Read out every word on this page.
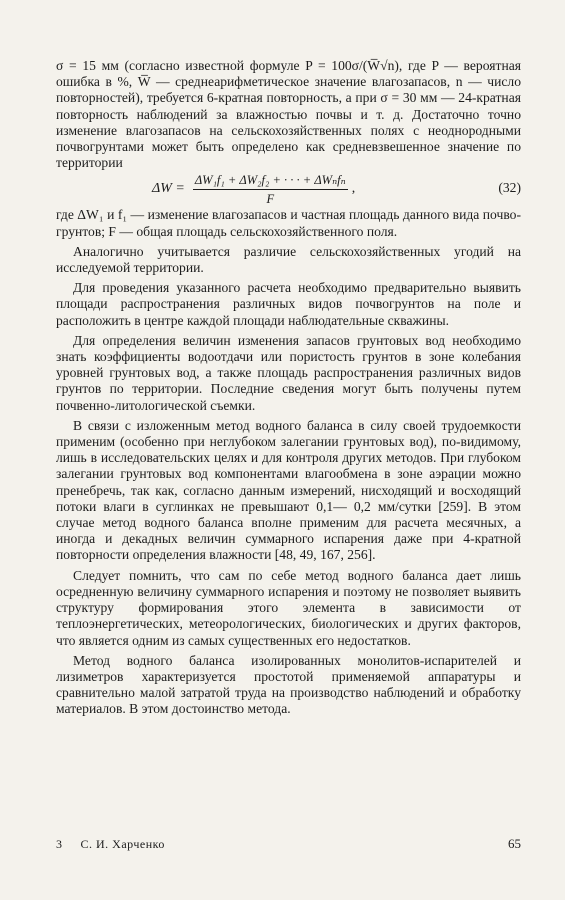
σ = 15 мм (согласно известной формуле P = 100σ/(W̅√n), где P — вероятная ошибка в %, W̅ — среднеарифметическое значение влагозапасов, n — число повторностей), требуется 6-кратная повторность, а при σ = 30 мм — 24-кратная повторность наблюдений за влажностью почвы и т. д. Достаточно точно изменение влагозапасов на сельскохозяйственных полях с неоднородными почвогрунтами может быть определено как средневзвешенное значение по территории

$\Delta W = \frac{\text{ΔW₁f₁ + ΔW₂f₂ + · · · + ΔWₙfₙ}}{F}$ ,	(32)

где ΔW₁ и f₁ — изменение влагозапасов и частная площадь данного вида почво-грунтов; F — общая площадь сельскохозяйственного поля.

Аналогично учитывается различие сельскохозяйственных угодий на исследуемой территории.

Для проведения указанного расчета необходимо предварительно выявить площади распространения различных видов почвогрунтов на поле и расположить в центре каждой площади наблюдательные скважины.

Для определения величин изменения запасов грунтовых вод необходимо знать коэффициенты водоотдачи или пористость грунтов в зоне колебания уровней грунтовых вод, а также площадь распространения различных видов грунтов по территории. Последние сведения могут быть получены путем почвенно-литологической съемки.

В связи с изложенным метод водного баланса в силу своей трудоемкости применим (особенно при неглубоком залегании грунтовых вод), по-видимому, лишь в исследовательских целях и для контроля других методов. При глубоком залегании грунтовых вод компонентами влагообмена в зоне аэрации можно пренебречь, так как, согласно данным измерений, нисходящий и восходящий потоки влаги в суглинках не превышают 0,1— 0,2 мм/сутки [259]. В этом случае метод водного баланса вполне применим для расчета месячных, а иногда и декадных величин суммарного испарения даже при 4-кратной повторности определения влажности [48, 49, 167, 256].

Следует помнить, что сам по себе метод водного баланса дает лишь осредненную величину суммарного испарения и поэтому не позволяет выявить структуру формирования этого элемента в зависимости от теплоэнергетических, метеорологических, биологических и других факторов, что является одним из самых существенных его недостатков.

Метод водного баланса изолированных монолитов-испарителей и лизиметров характеризуется простотой применяемой аппаратуры и сравнительно малой затратой труда на производство наблюдений и обработку материалов. В этом достоинство метода.

3 С. И. Харченко	65
